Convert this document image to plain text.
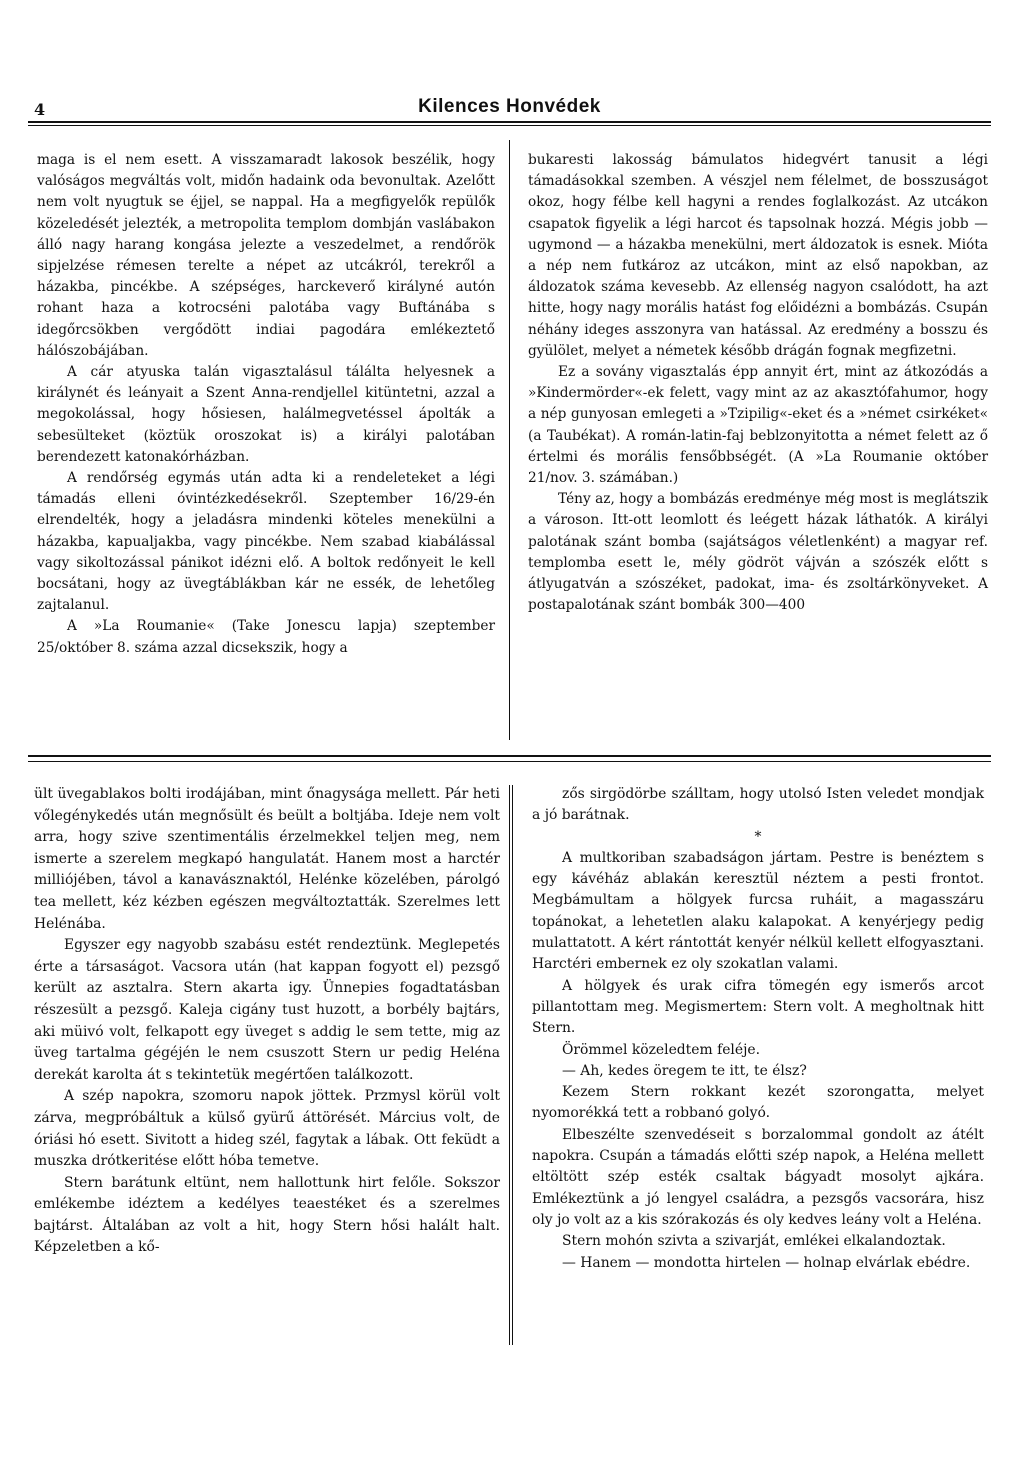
4	Kilences Honvédek

maga is el nem esett. A visszamaradt lakosok beszélik, hogy valóságos megváltás volt, midőn hadaink oda bevonultak. Azelőtt nem volt nyugtuk se éjjel, se nappal. Ha a megfigyelők repülők közeledését jelezték, a metropolita templom dombján vaslábakon álló nagy harang kongása jelezte a veszedelmet, a rendőrök sipjelzése rémesen terelte a népet az utcákról, terekről a házakba, pincékbe. A szépséges, harckeverő királyné autón rohant haza a kotrocséni palotába vagy Buftánába s idegőrcsökben vergődött indiai pagodára emlékeztető hálószobájában.

A cár atyuska talán vigasztalásul tálálta helyesnek a királynét és leányait a Szent Anna-rendjellel kitüntetni, azzal a megokolással, hogy hősiesen, halálmegvetéssel ápolták a sebesülteket (köztük oroszokat is) a királyi palotában berendezett katonakórházban.

A rendőrség egymás után adta ki a rendeleteket a légi támadás elleni óvintézkedésekről. Szeptember 16/29-én elrendelték, hogy a jeladásra mindenki köteles menekülni a házakba, kapualjakba, vagy pincékbe. Nem szabad kiabálással vagy sikoltozással pánikot idézni elő. A boltok redőnyeit le kell bocsátani, hogy az üvegtáblákban kár ne essék, de lehetőleg zajtalanul.

A »La Roumanie« (Take Jonescu lapja) szeptember 25/október 8. száma azzal dicsekszik, hogy a

bukaresti lakosság bámulatos hidegvért tanusit a légi támadásokkal szemben. A vészjel nem félelmet, de bosszuságot okoz, hogy félbe kell hagyni a rendes foglalkozást. Az utcákon csapatok figyelik a légi harcot és tapsolnak hozzá. Mégis jobb — ugymond — a házakba menekülni, mert áldozatok is esnek. Mióta a nép nem futkároz az utcákon, mint az első napokban, az áldozatok száma kevesebb. Az ellenség nagyon csalódott, ha azt hitte, hogy nagy morális hatást fog előidézni a bombázás. Csupán néhány ideges asszonyra van hatással. Az eredmény a bosszu és gyülölet, melyet a németek később drágán fognak megfizetni.

Ez a sovány vigasztalás épp annyit ért, mint az átkozódás a »Kindermörder«-ek felett, vagy mint az az akasztófahumor, hogy a nép gunyosan emlegeti a »Tzipilig«-eket és a »német csirkéket« (a Taubékat). A román-latin-faj beblzonyitotta a német felett az ő értelmi és morális fensőbbségét. (A »La Roumanie október 21/nov. 3. számában.)

Tény az, hogy a bombázás eredménye még most is meglátszik a városon. Itt-ott leomlott és leégett házak láthatók. A királyi palotának szánt bomba (sajátságos véletlenként) a magyar ref. templomba esett le, mély gödröt vájván a szószék előtt s átlyugatván a szószéket, padokat, ima- és zsoltárkönyveket. A postapalotának szánt bombák 300—400

ült üvegablakos bolti irodájában, mint őnagysága mellett. Pár heti vőlegénykedés után megnősült és beült a boltjába. Ideje nem volt arra, hogy szive szentimentális érzelmekkel teljen meg, nem ismerte a szerelem megkapó hangulatát. Hanem most a harctér milliójében, távol a kanavásznaktól, Helénke közelében, párolgó tea mellett, kéz kézben egészen megváltoztatták. Szerelmes lett Helénába.

Egyszer egy nagyobb szabásu estét rendeztünk. Meglepetés érte a társaságot. Vacsora után (hat kappan fogyott el) pezsgő került az asztalra. Stern akarta igy. Ünnepies fogadtatásban részesült a pezsgő. Kaleja cigány tust huzott, a borbély bajtárs, aki müivó volt, felkapott egy üveget s addig le sem tette, mig az üveg tartalma gégéjén le nem csuszott Stern ur pedig Heléna derekát karolta át s tekintetük megértően találkozott.

A szép napokra, szomoru napok jöttek. Przmysl körül volt zárva, megpróbáltuk a külső gyürű áttörését. Március volt, de óriási hó esett. Sivitott a hideg szél, fagytak a lábak. Ott feküdt a muszka drótkeritése előtt hóba temetve.

Stern barátunk eltünt, nem hallottunk hirt felőle. Sokszor emlékembe idéztem a kedélyes teaestéket és a szerelmes bajtárst. Általában az volt a hit, hogy Stern hősi halált halt. Képzeletben a kő-

zős sirgödörbe szálltam, hogy utolsó Isten veledet mondjak a jó barátnak.

*

A multkoriban szabadságon jártam. Pestre is benéztem s egy kávéház ablakán keresztül néztem a pesti frontot. Megbámultam a hölgyek furcsa ruháit, a magasszáru topánokat, a lehetetlen alaku kalapokat. A kenyérjegy pedig mulattatott. A kért rántottát kenyér nélkül kellett elfogyasztani. Harctéri embernek ez oly szokatlan valami.

A hölgyek és urak cifra tömegén egy ismerős arcot pillantottam meg. Megismertem: Stern volt. A megholtnak hitt Stern.

Örömmel közeledtem feléje.

— Ah, kedes öregem te itt, te élsz?

Kezem Stern rokkant kezét szorongatta, melyet nyomorékká tett a robbanó golyó.

Elbeszélte szenvedéseit s borzalommal gondolt az átélt napokra. Csupán a támadás előtti szép napok, a Heléna mellett eltöltött szép esték csaltak bágyadt mosolyt ajkára. Emlékeztünk a jó lengyel családra, a pezsgős vacsorára, hisz oly jo volt az a kis szórakozás és oly kedves leány volt a Heléna.

Stern mohón szivta a szivarját, emlékei elkalandoztak.

— Hanem — mondotta hirtelen — holnap elvárlak ebédre.
